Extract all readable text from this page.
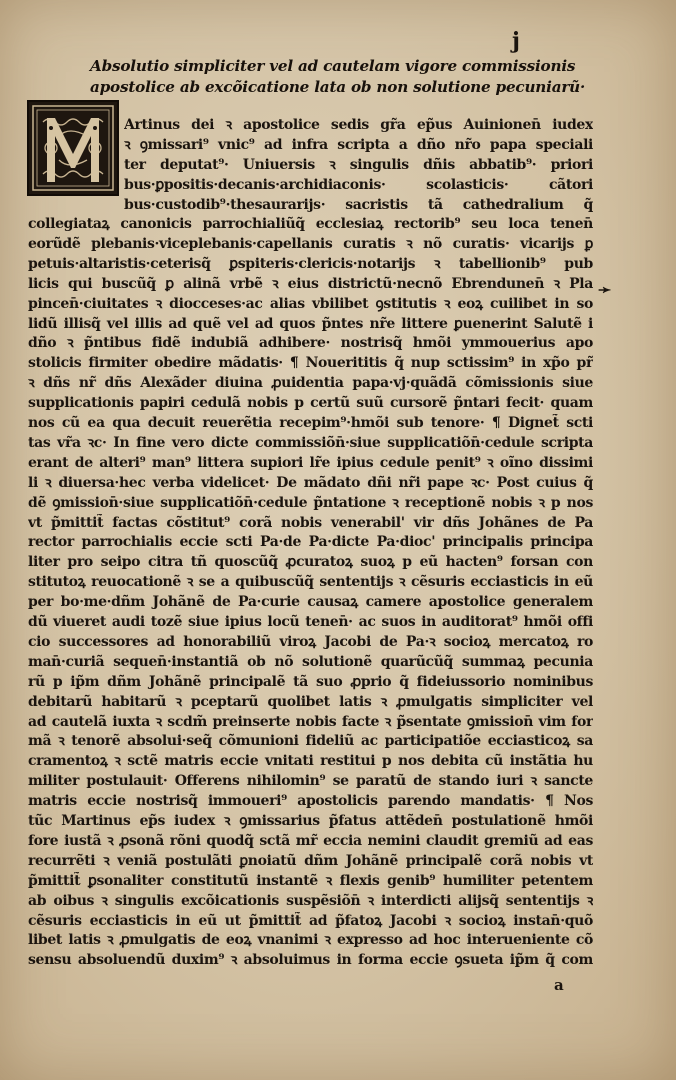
j
Absolutio simpliciter vel ad cautelam vigore commissionis
apostolice ab excõicatione lata ob non solutione pecuniarũ·
Artinus dei ꝛ apostolice sedis gr̃a ep̃us Auinionen̄ iudex
ꝛ ꝯmissari⁹ vnic⁹ ad infra scripta a dño nr̃o papa speciali
ter deputat⁹· Uniuersis ꝛ singulis dñis abbatib⁹· priori
bus·ꝑpositis·decanis·archidiaconis· scolasticis· cãtori
bus·custodib⁹·thesaurarijs· sacristis tã cathedralium q̃
collegiataꝝ canonicis parrochialiũq̃ ecclesiaꝝ rectorib⁹ seu loca tenen̄
eorũdẽ plebanis·viceplebanis·capellanis curatis ꝛ nõ curatis· vicarijs ꝑ
petuis·altaristis·ceterisq̃ ꝑspiteris·clericis·notarijs ꝛ tabellionib⁹ pub
licis qui buscũq̃ ꝑ alinã vrbẽ ꝛ eius districtũ·necnõ Ebrendunen̄ ꝛ Pla
pincen̄·ciuitates ꝛ diocceses·ac alias vbilibet ꝯstitutis ꝛ eoꝝ cuilibet in so
lidũ illisq̃ vel illis ad quẽ vel ad quos p̃ntes nr̃e littere ꝑuenerint Salutẽ i
dño ꝛ p̃ntibus fidẽ indubiã adhibere· nostrisq̃ hmõi ymmouerius apo
stolicis firmiter obedire mãdatis· ¶ Nouerititis q̃ nup sctissim⁹ in xp̃o pr̃
ꝛ dñs nr̃ dñs Alexãder diuina ꝓuidentia papa·vj·quãdã cõmissionis siue
supplicationis papiri cedulã nobis p certũ suũ cursorẽ p̃ntari fecit· quam
nos cũ ea qua decuit reuerẽtia recepim⁹·hmõi sub tenore· ¶ Dignet̃ scti
tas vr̃a ꝛc· In fine vero dicte commissiõn̄·siue supplicatiõn̄·cedule scripta
erant de alteri⁹ man⁹ littera supiori lr̃e ipius cedule penit⁹ ꝛ oĩno dissimi
li ꝛ diuersa·hec verba videlicet· De mãdato dñi nr̃i pape ꝛc· Post cuius q̃
dẽ ꝯmission̄·siue supplicatiõn̄·cedule p̃ntatione ꝛ receptionẽ nobis ꝛ p nos
vt p̃mittit̃ factas cõstitut⁹ corã nobis venerabil' vir dñs Johãnes de Pa
rector parrochialis eccie scti Pa·de Pa·dicte Pa·dioc' principalis principa
liter pro seipo citra tñ quoscũq̃ ꝓcuratoꝝ suoꝝ p eũ hacten⁹ forsan con
stitutoꝝ reuocationẽ ꝛ se a quibuscũq̃ sententijs ꝛ cẽsuris ecciasticis in eũ
per bo·me·dñm Johãnẽ de Pa·curie causaꝝ camere apostolice generalem
dũ viueret audi tozẽ siue ipius locũ tenen̄· ac suos in auditorat⁹ hmõi offi
cio successores ad honorabiliũ viroꝝ Jacobi de Pa·ꝛ socioꝝ mercatoꝝ ro
man̄·curiã sequen̄·instantiã ob nõ solutionẽ quarũcũq̃ summaꝝ pecunia
rũ p ip̃m dñm Johãnẽ principalẽ tã suo ꝓprio q̃ fideiussorio nominibus
debitarũ habitarũ ꝛ pceptarũ quolibet latis ꝛ ꝓmulgatis simpliciter vel
ad cautelã iuxta ꝛ scdm̃ preinserte nobis facte ꝛ p̃sentate ꝯmission̄ vim for
mã ꝛ tenorẽ absolui·seq̃ cõmunioni fideliũ ac participatiõe ecciasticoꝝ sa
cramentoꝝ ꝛ sctẽ matris eccie vnitati restitui p nos debita cũ instãtia hu
militer postulauit· Offerens nihilomin⁹ se paratũ de stando iuri ꝛ sancte
matris eccie nostrisq̃ immoueri⁹ apostolicis parendo mandatis· ¶ Nos
tũc Martinus ep̃s iudex ꝛ ꝯmissarius p̃fatus attẽden̄ postulationẽ hmõi
fore iustã ꝛ ꝓsonã rõni quodq̃ sctã mr̃ eccia nemini claudit gremiũ ad eas
recurrẽti ꝛ veniã postulãti ꝑnoiatũ dñm Johãnẽ principalẽ corã nobis vt
p̃mittit̃ ꝑsonaliter constitutũ instantẽ ꝛ flexis genib⁹ humiliter petentem
ab oibus ꝛ singulis excõicationis suspẽsiõn̄ ꝛ interdicti alijsq̃ sententijs ꝛ
cẽsuris ecciasticis in eũ ut p̃mittit̃ ad p̃fatoꝝ Jacobi ꝛ socioꝝ instan̄·quõ
libet latis ꝛ ꝓmulgatis de eoꝝ vnanimi ꝛ expresso ad hoc interueniente cõ
sensu absoluendũ duxim⁹ ꝛ absoluimus in forma eccie ꝯsueta ip̃m q̃ com
➛
a
